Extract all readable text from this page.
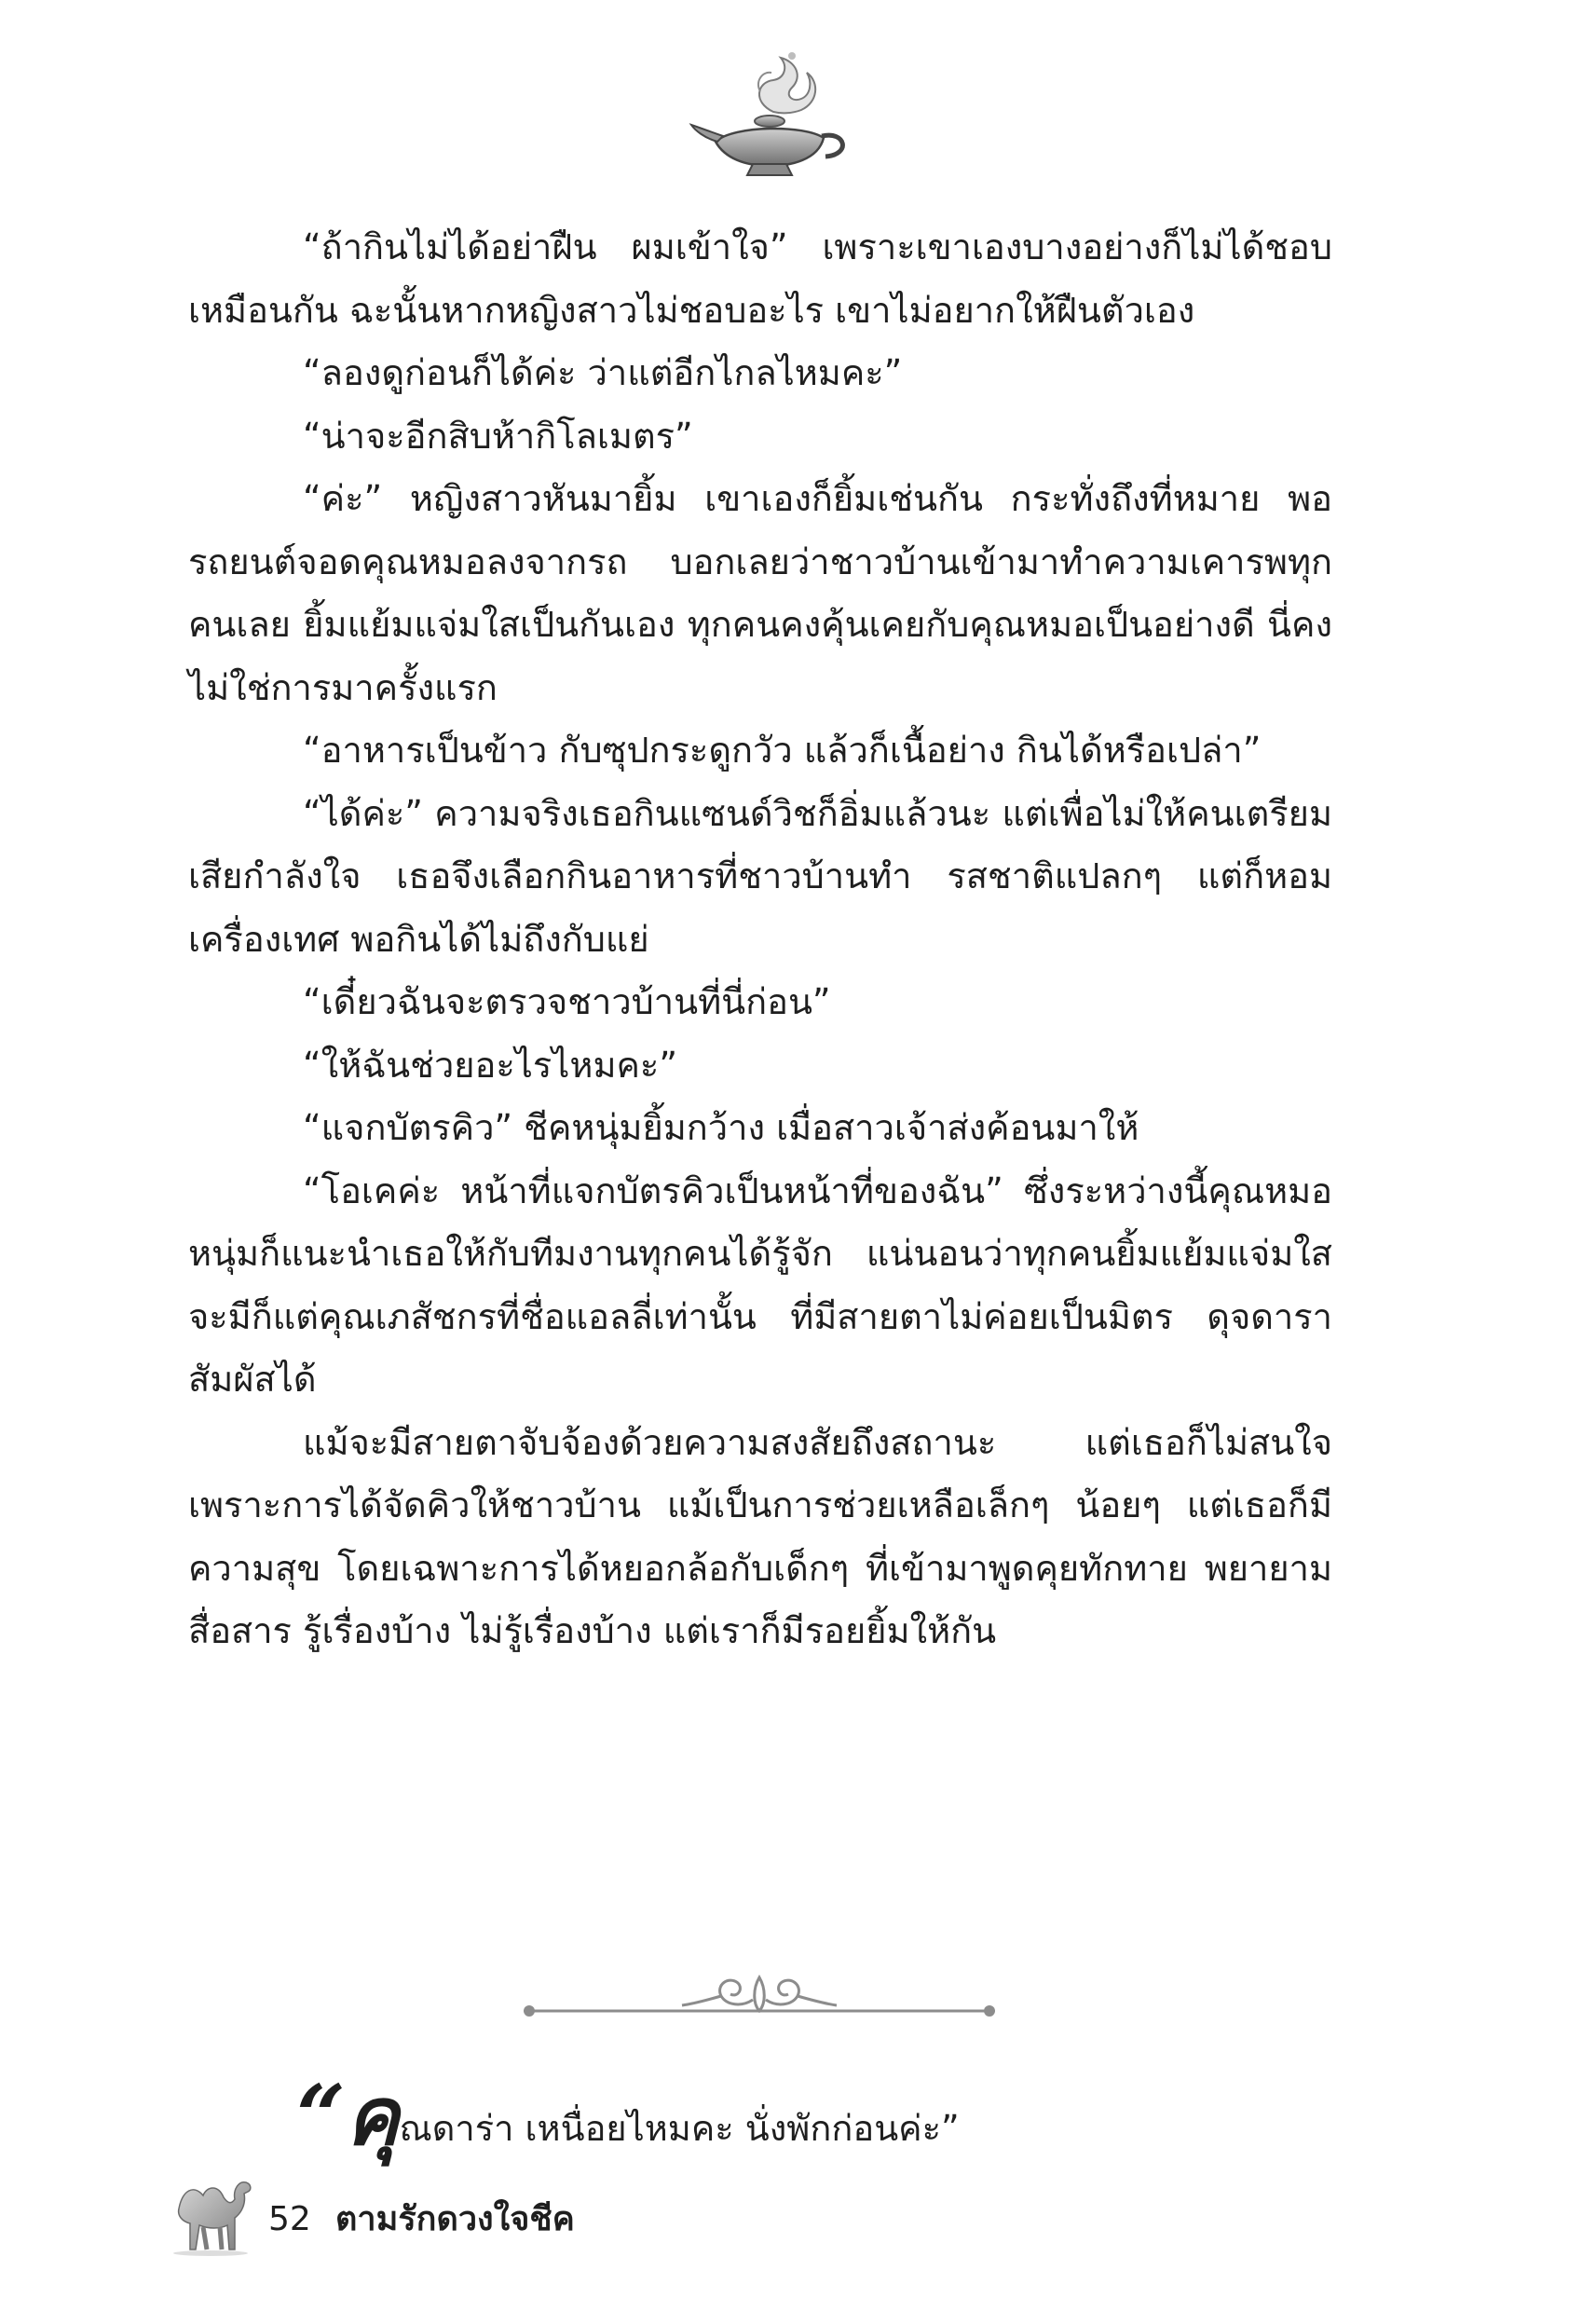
“ถ้ากินไม่ได้อย่าฝืน ผมเข้าใจ” เพราะเขาเองบางอย่างก็ไม่ได้ชอบเหมือนกัน ฉะนั้นหากหญิงสาวไม่ชอบอะไร เขาไม่อยากให้ฝืนตัวเอง

“ลองดูก่อนก็ได้ค่ะ ว่าแต่อีกไกลไหมคะ”

“น่าจะอีกสิบห้ากิโลเมตร”

“ค่ะ” หญิงสาวหันมายิ้ม เขาเองก็ยิ้มเช่นกัน กระทั่งถึงที่หมาย พอรถยนต์จอดคุณหมอลงจากรถ บอกเลยว่าชาวบ้านเข้ามาทำความเคารพทุกคนเลย ยิ้มแย้มแจ่มใสเป็นกันเอง ทุกคนคงคุ้นเคยกับคุณหมอเป็นอย่างดี นี่คงไม่ใช่การมาครั้งแรก

“อาหารเป็นข้าว กับซุปกระดูกวัว แล้วก็เนื้อย่าง กินได้หรือเปล่า”

“ได้ค่ะ” ความจริงเธอกินแซนด์วิชก็อิ่มแล้วนะ แต่เพื่อไม่ให้คนเตรียมเสียกำลังใจ เธอจึงเลือกกินอาหารที่ชาวบ้านทำ รสชาติแปลกๆ แต่ก็หอมเครื่องเทศ พอกินได้ไม่ถึงกับแย่

“เดี๋ยวฉันจะตรวจชาวบ้านที่นี่ก่อน”

“ให้ฉันช่วยอะไรไหมคะ”

“แจกบัตรคิว” ชีคหนุ่มยิ้มกว้าง เมื่อสาวเจ้าส่งค้อนมาให้

“โอเคค่ะ หน้าที่แจกบัตรคิวเป็นหน้าที่ของฉัน” ซึ่งระหว่างนี้คุณหมอหนุ่มก็แนะนำเธอให้กับทีมงานทุกคนได้รู้จัก แน่นอนว่าทุกคนยิ้มแย้มแจ่มใส จะมีก็แต่คุณเภสัชกรที่ชื่อแอลลี่เท่านั้น ที่มีสายตาไม่ค่อยเป็นมิตร ดุจดาราสัมผัสได้

แม้จะมีสายตาจับจ้องด้วยความสงสัยถึงสถานะ แต่เธอก็ไม่สนใจ เพราะการได้จัดคิวให้ชาวบ้าน แม้เป็นการช่วยเหลือเล็กๆ น้อยๆ แต่เธอก็มีความสุข โดยเฉพาะการได้หยอกล้อกับเด็กๆ ที่เข้ามาพูดคุยทักทาย พยายามสื่อสาร รู้เรื่องบ้าง ไม่รู้เรื่องบ้าง แต่เราก็มีรอยยิ้มให้กัน

“คุณดาร่า เหนื่อยไหมคะ นั่งพักก่อนค่ะ”
52 ตามรักดวงใจชีค
